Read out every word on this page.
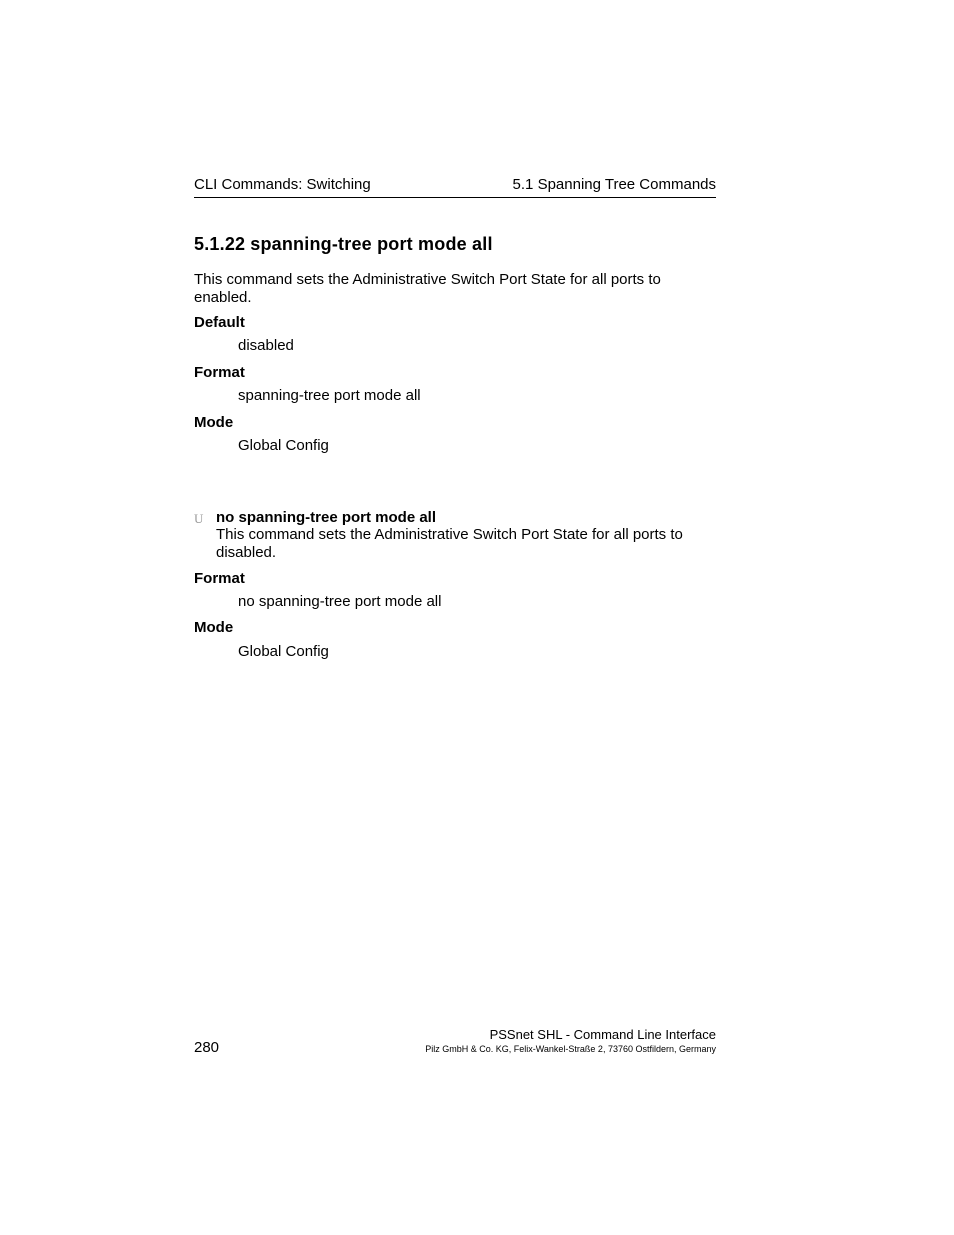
CLI Commands: Switching	5.1 Spanning Tree Commands
5.1.22 spanning-tree port mode all
This command sets the Administrative Switch Port State for all ports to enabled.
Default
disabled
Format
spanning-tree port mode all
Mode
Global Config
U no spanning-tree port mode all
This command sets the Administrative Switch Port State for all ports to disabled.
Format
no spanning-tree port mode all
Mode
Global Config
280
PSSnet SHL - Command Line Interface
Pilz GmbH & Co. KG, Felix-Wankel-Straße 2, 73760 Ostfildern, Germany
